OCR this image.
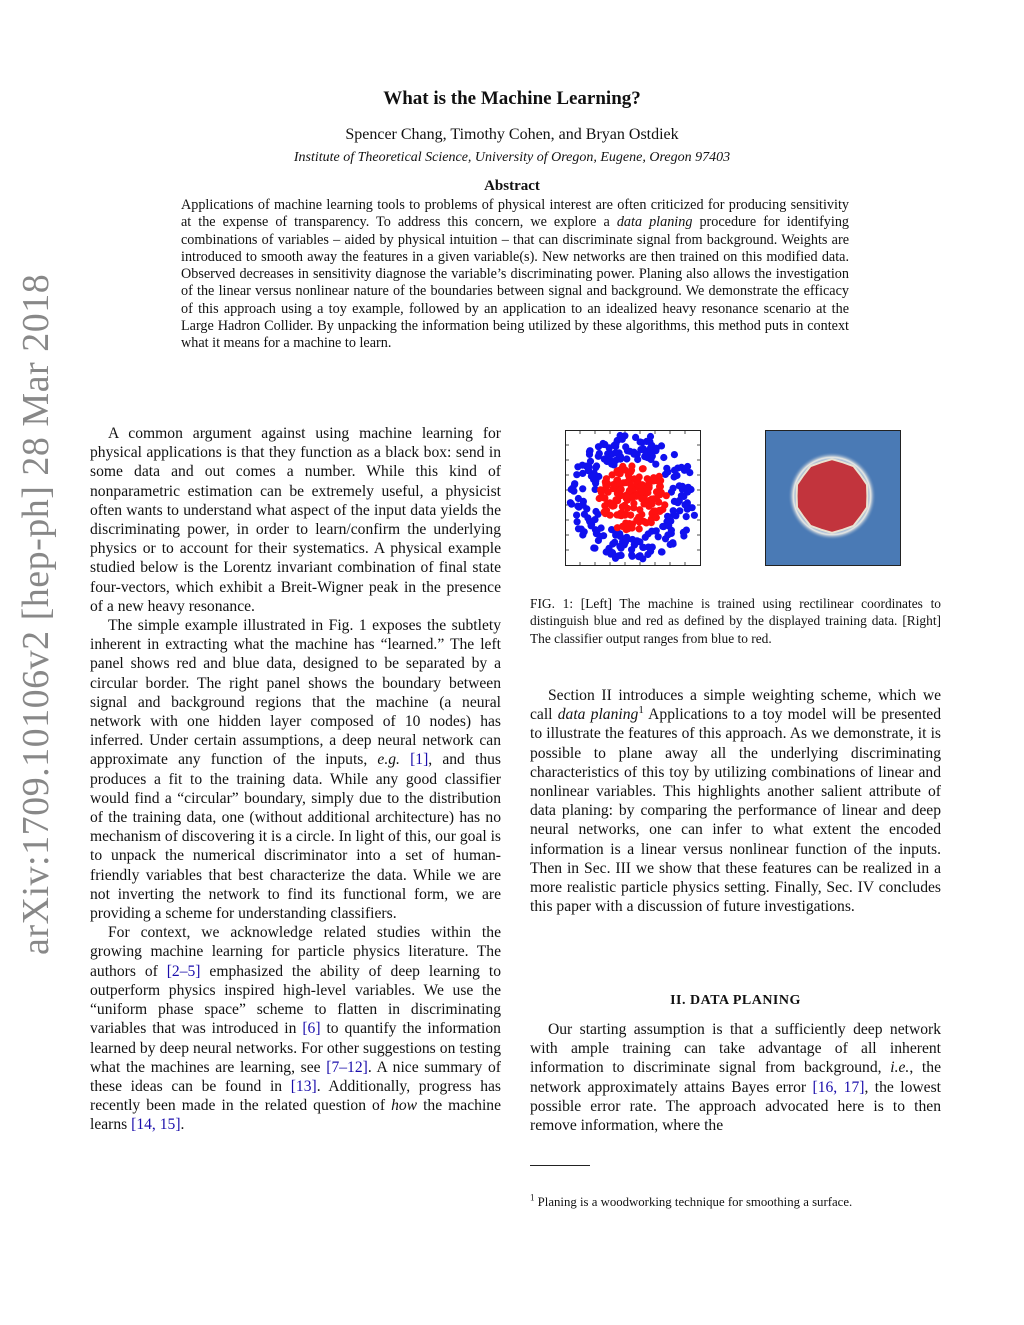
arXiv:1709.10106v2 [hep-ph] 28 Mar 2018
What is the Machine Learning?
Spencer Chang, Timothy Cohen, and Bryan Ostdiek
Institute of Theoretical Science, University of Oregon, Eugene, Oregon 97403
Abstract
Applications of machine learning tools to problems of physical interest are often criticized for producing sensitivity at the expense of transparency. To address this concern, we explore a data planing procedure for identifying combinations of variables – aided by physical intuition – that can discriminate signal from background. Weights are introduced to smooth away the features in a given variable(s). New networks are then trained on this modified data. Observed decreases in sensitivity diagnose the variable’s discriminating power. Planing also allows the investigation of the linear versus nonlinear nature of the boundaries between signal and background. We demonstrate the efficacy of this approach using a toy example, followed by an application to an idealized heavy resonance scenario at the Large Hadron Collider. By unpacking the information being utilized by these algorithms, this method puts in context what it means for a machine to learn.

A common argument against using machine learning for physical applications is that they function as a black box: send in some data and out comes a number. While this kind of nonparametric estimation can be extremely useful, a physicist often wants to understand what aspect of the input data yields the discriminating power, in order to learn/confirm the underlying physics or to account for their systematics. A physical example studied below is the Lorentz invariant combination of final state four-vectors, which exhibit a Breit-Wigner peak in the presence of a new heavy resonance.

The simple example illustrated in Fig. 1 exposes the subtlety inherent in extracting what the machine has “learned.” The left panel shows red and blue data, designed to be separated by a circular border. The right panel shows the boundary between signal and background regions that the machine (a neural network with one hidden layer composed of 10 nodes) has inferred. Under certain assumptions, a deep neural network can approximate any function of the inputs, e.g. [1], and thus produces a fit to the training data. While any good classifier would find a “circular” boundary, simply due to the distribution of the training data, one (without additional architecture) has no mechanism of discovering it is a circle. In light of this, our goal is to unpack the numerical discriminator into a set of human-friendly variables that best characterize the data. While we are not inverting the network to find its functional form, we are providing a scheme for understanding classifiers.

For context, we acknowledge related studies within the growing machine learning for particle physics literature. The authors of [2–5] emphasized the ability of deep learning to outperform physics inspired high-level variables. We use the “uniform phase space” scheme to flatten in discriminating variables that was introduced in [6] to quantify the information learned by deep neural networks. For other suggestions on testing what the machines are learning, see [7–12]. A nice summary of these ideas can be found in [13]. Additionally, progress has recently been made in the related question of how the machine learns [14, 15].

FIG. 1: [Left] The machine is trained using rectilinear coordinates to distinguish blue and red as defined by the displayed training data. [Right] The classifier output ranges from blue to red.

Section II introduces a simple weighting scheme, which we call data planing$^1$ Applications to a toy model will be presented to illustrate the features of this approach. As we demonstrate, it is possible to plane away all the underlying discriminating characteristics of this toy by utilizing combinations of linear and nonlinear variables. This highlights another salient attribute of data planing: by comparing the performance of linear and deep neural networks, one can infer to what extent the encoded information is a linear versus nonlinear function of the inputs. Then in Sec. III we show that these features can be realized in a more realistic particle physics setting. Finally, Sec. IV concludes this paper with a discussion of future investigations.

II. DATA PLANING

Our starting assumption is that a sufficiently deep network with ample training can take advantage of all inherent information to discriminate signal from background, i.e., the network approximately attains Bayes error [16, 17], the lowest possible error rate. The approach advocated here is to then remove information, where the

$^1$ Planing is a woodworking technique for smoothing a surface.
